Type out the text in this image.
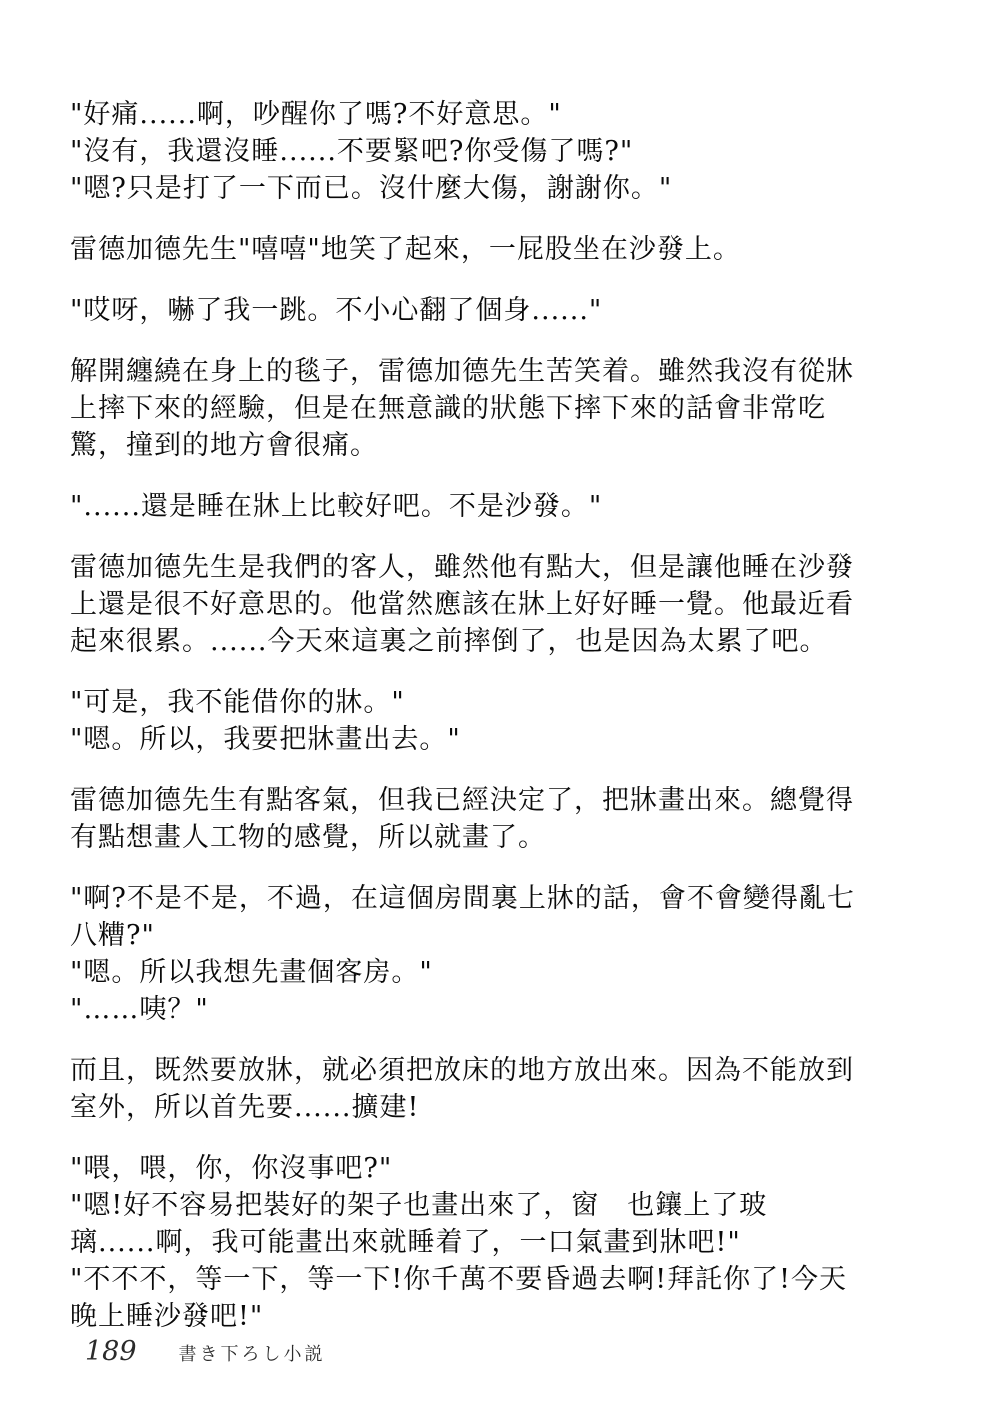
"好痛......啊，吵醒你了嗎?不好意思。"
"沒有，我還沒睡......不要緊吧?你受傷了嗎?"
"嗯?只是打了一下而已。沒什麼大傷，謝謝你。"
雷德加德先生"嘻嘻"地笑了起來，一屁股坐在沙發上。
"哎呀，嚇了我一跳。不小心翻了個身......"
解開纏繞在身上的毯子，雷德加德先生苦笑着。雖然我沒有從牀
上摔下來的經驗，但是在無意識的狀態下摔下來的話會非常吃
驚，撞到的地方會很痛。
"......還是睡在牀上比較好吧。不是沙發。"
雷德加德先生是我們的客人，雖然他有點大，但是讓他睡在沙發
上還是很不好意思的。他當然應該在牀上好好睡一覺。他最近看
起來很累。......今天來這裏之前摔倒了，也是因為太累了吧。
"可是，我不能借你的牀。"
"嗯。所以，我要把牀畫出去。"
雷德加德先生有點客氣，但我已經決定了，把牀畫出來。總覺得
有點想畫人工物的感覺，所以就畫了。
"啊?不是不是，不過，在這個房間裏上牀的話，會不會變得亂七
八糟?"
"嗯。所以我想先畫個客房。"
"……咦？"
而且，既然要放牀，就必須把放床的地方放出來。因為不能放到
室外，所以首先要......擴建!
"喂，喂，你，你沒事吧?"
"嗯!好不容易把裝好的架子也畫出來了，窗　也鑲上了玻
璃......啊，我可能畫出來就睡着了，一口氣畫到牀吧!"
"不不不，等一下，等一下!你千萬不要昏過去啊!拜託你了!今天
晚上睡沙發吧!"
189 書き下ろし小説
